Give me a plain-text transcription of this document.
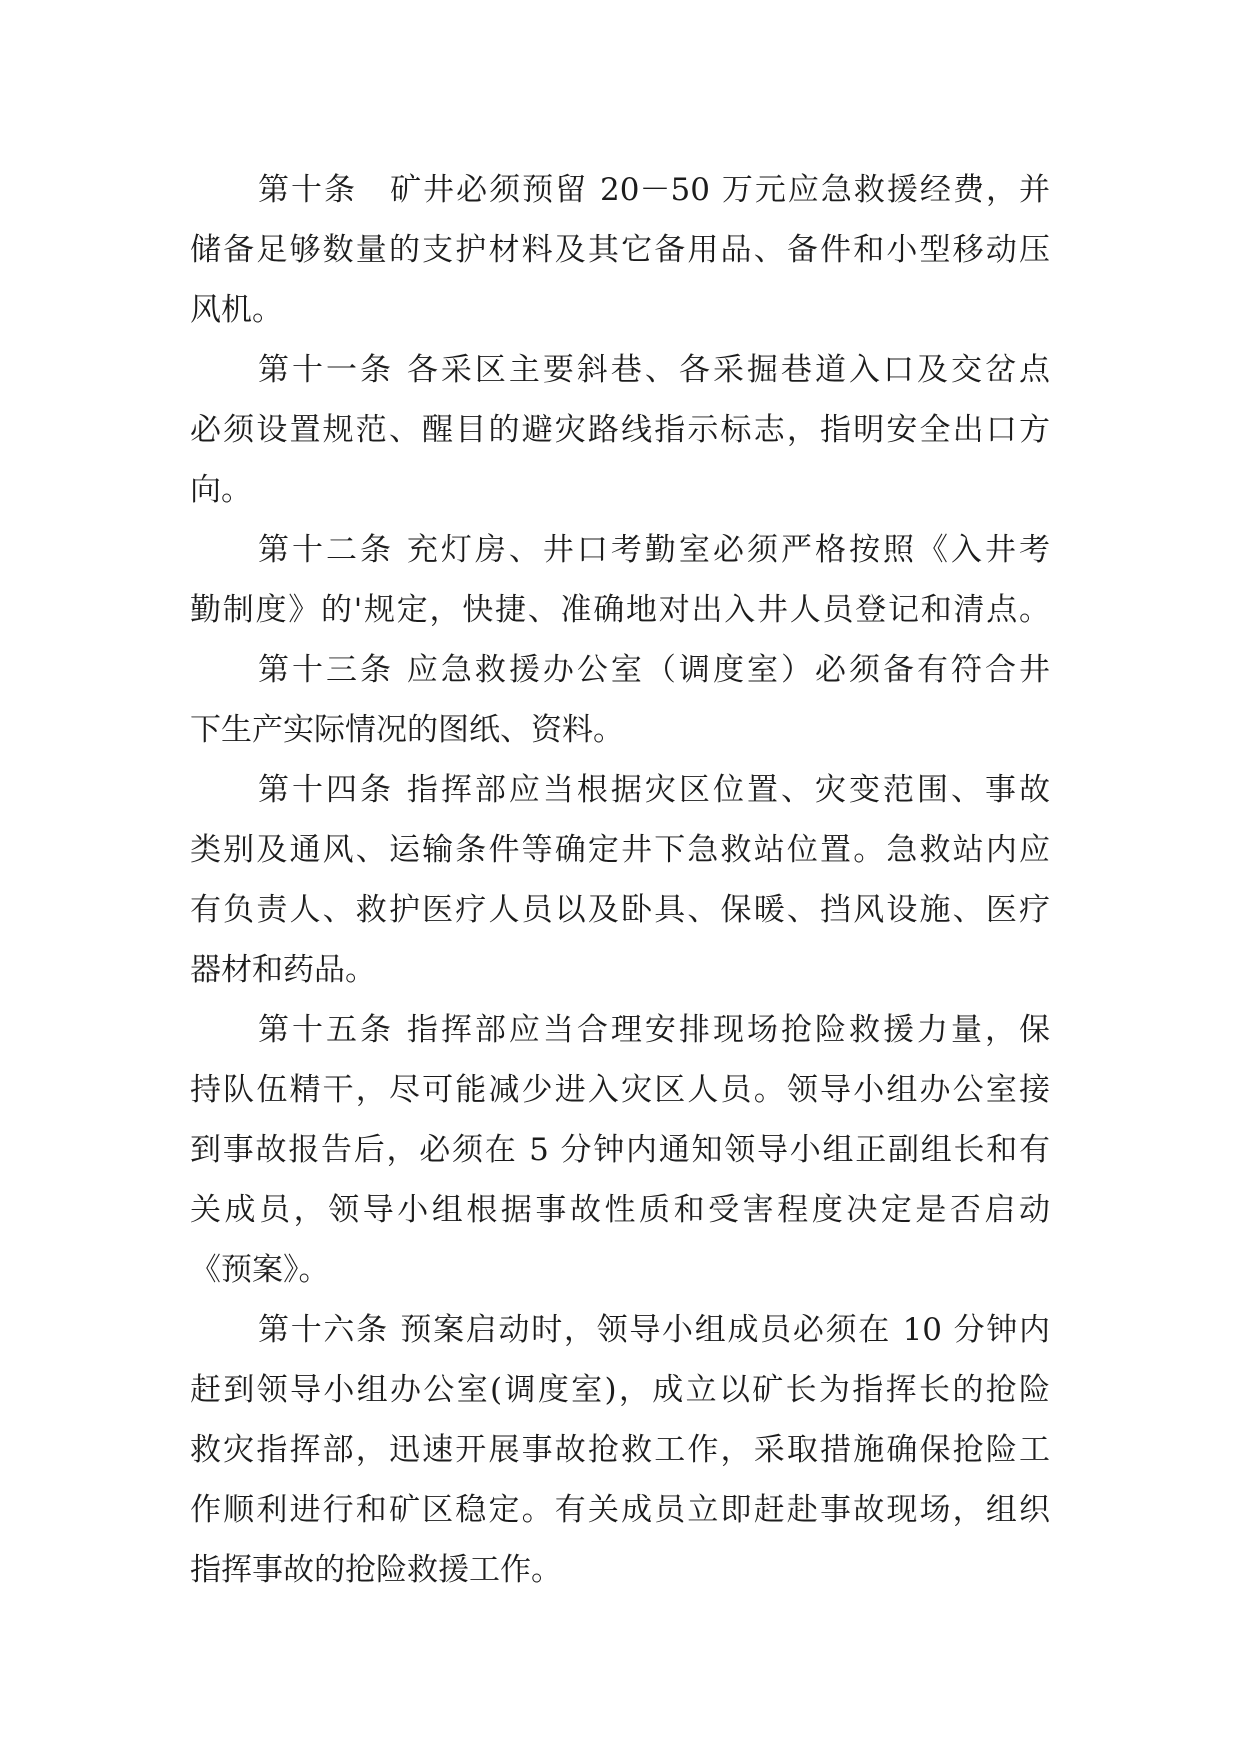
第十条　矿井必须预留 20－50 万元应急救援经费，并
储备足够数量的支护材料及其它备用品、备件和小型移动压
风机。
第十一条 各采区主要斜巷、各采掘巷道入口及交岔点
必须设置规范、醒目的避灾路线指示标志，指明安全出口方
向。
第十二条 充灯房、井口考勤室必须严格按照《入井考
勤制度》的'规定，快捷、准确地对出入井人员登记和清点。
第十三条 应急救援办公室（调度室）必须备有符合井
下生产实际情况的图纸、资料。
第十四条 指挥部应当根据灾区位置、灾变范围、事故
类别及通风、运输条件等确定井下急救站位置。急救站内应
有负责人、救护医疗人员以及卧具、保暖、挡风设施、医疗
器材和药品。
第十五条 指挥部应当合理安排现场抢险救援力量，保
持队伍精干，尽可能减少进入灾区人员。领导小组办公室接
到事故报告后，必须在 5 分钟内通知领导小组正副组长和有
关成员，领导小组根据事故性质和受害程度决定是否启动
《预案》。
第十六条 预案启动时，领导小组成员必须在 10 分钟内
赶到领导小组办公室(调度室)，成立以矿长为指挥长的抢险
救灾指挥部，迅速开展事故抢救工作，采取措施确保抢险工
作顺利进行和矿区稳定。有关成员立即赶赴事故现场，组织
指挥事故的抢险救援工作。
